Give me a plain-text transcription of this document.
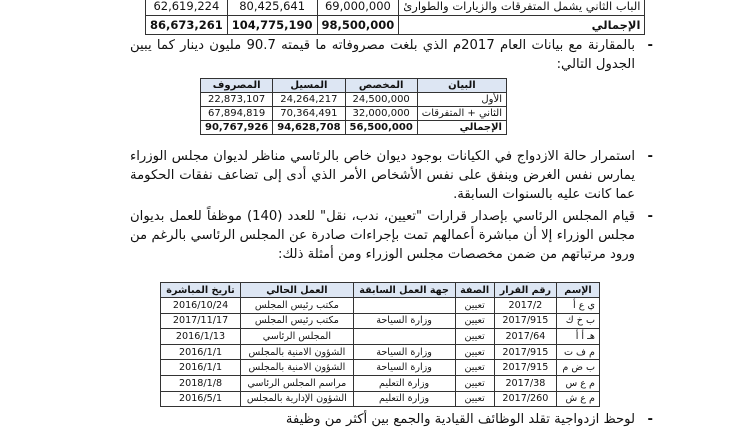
الباب الثاني يشمل المتفرقات والزيارات والطوارئ	69,000,000	80,425,641	62,619,224
الإجمالي	98,500,000	104,775,190	86,673,261
-
بالمقارنة مع بيانات العام 2017م الذي بلغت مصروفاته ما قيمته 90.7 مليون دينار كما يبين الجدول التالي:
البيان	المخصص	المسيل	المصروف
الأول	24,500,000	24,264,217	22,873,107
الثاني + المتفرقات	32,000,000	70,364,491	67,894,819
الإجمالي	56,500,000	94,628,708	90,767,926
-
استمرار حالة الازدواج في الكيانات بوجود ديوان خاص بالرئاسي مناظر لديوان مجلس الوزراء يمارس نفس الغرض وينفق على نفس الأشخاص الأمر الذي أدى إلى تضاعف نفقات الحكومة عما كانت عليه بالسنوات السابقة.
-
قيام المجلس الرئاسي بإصدار قرارات "تعيين، ندب، نقل" للعدد (140) موظفاً للعمل بديوان مجلس الوزراء إلا أن مباشرة أعمالهم تمت بإجراءات صادرة عن المجلس الرئاسي بالرغم من ورود مرتباتهم من ضمن مخصصات مجلس الوزراء ومن أمثلة ذلك:
الإسم	رقم القرار	الصفة	جهة العمل السابقة	العمل الحالي	تاريخ المباشرة
ي ع أ	2017/2	تعيين		مكتب رئيس المجلس	2016/10/24
ب خ ك	2017/915	تعيين	وزارة السياحة	مكتب رئيس المجلس	2017/11/17
هـ أ أ	2017/64	تعيين		المجلس الرئاسي	2016/1/13
م ف ت	2017/915	تعيين	وزارة السياحة	الشؤون الامنية بالمجلس	2016/1/1
ب ض م	2017/915	تعيين	وزارة السياحة	الشؤون الامنية بالمجلس	2016/1/1
م ع س	2017/38	تعيين	وزارة التعليم	مراسم المجلس الرئاسي	2018/1/8
م ع ش	2017/260	تعيين	وزارة التعليم	الشؤون الإدارية بالمجلس	2016/5/1
-
لوحظ ازدواجية تقلد الوظائف القيادية والجمع بين أكثر من وظيفة
